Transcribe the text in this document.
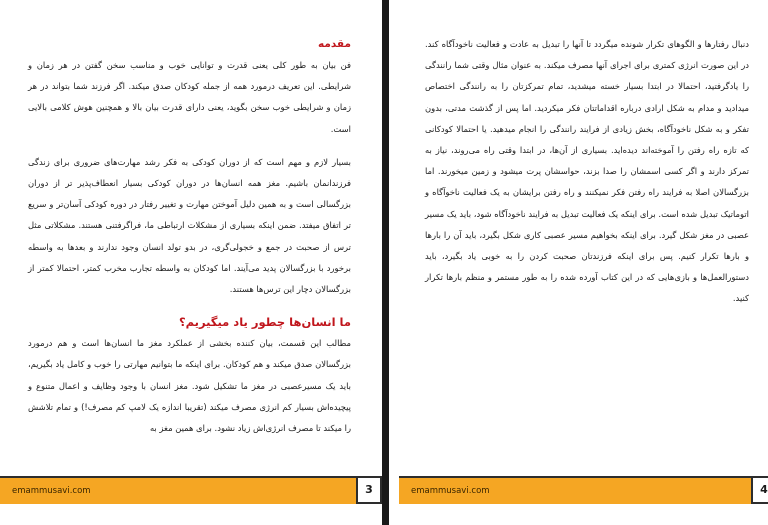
مقدمه

فن بیان به طور کلی یعنی قدرت و توانایی خوب و مناسب سخن گفتن در هر زمان و شرایطی. این تعریف درمورد همه از جمله کودکان صدق میکند. اگر فرزند شما بتواند در هر زمان و شرایطی خوب سخن بگوید، یعنی دارای قدرت بیان بالا و همچنین هوش کلامی بالایی است.

بسیار لازم و مهم است که از دوران کودکی به فکر رشد مهارت‌های ضروری برای زندگی فرزندانمان باشیم. مغز همه انسان‌ها در دوران کودکی بسیار انعطاف‌پذیر تر از دوران بزرگسالی است و به همین دلیل آموختن مهارت و تغییر رفتار در دوره کودکی آسان‌تر و سریع تر اتفاق میفتد. ضمن اینکه بسیاری از مشکلات ارتباطی ما، فراگرفتنی هستند. مشکلاتی مثل ترس از صحبت در جمع و خجولی‌گری، در بدو تولد انسان وجود ندارند و بعدها به واسطه برخورد با بزرگسالان پدید می‌آیند. اما کودکان به واسطه تجارب مخرب کمتر، احتمالا کمتر از بزرگسالان دچار این ترس‌ها هستند.

ما انسان‌ها چطور یاد میگیریم؟

مطالب این قسمت، بیان کننده بخشی از عملکرد مغز ما انسان‌ها است و هم درمورد بزرگسالان صدق میکند و هم کودکان. برای اینکه ما بتوانیم مهارتی را خوب و کامل یاد بگیریم، باید یک مسیرعصبی در مغز ما تشکیل شود. مغز انسان با وجود وظایف و اعمال متنوع و پیچیده‌اش بسیار کم انرژی مصرف میکند (تقریبا اندازه یک لامپ کم مصرف!) و تمام تلاشش را میکند تا مصرف انرژی‌اش زیاد نشود. برای همین مغز به

emammusavi.com	3

دنبال رفتارها و الگوهای تکرار شونده میگردد تا آنها را تبدیل به عادت و فعالیت ناخودآگاه کند. در این صورت انرژی کمتری برای اجرای آنها مصرف میکند. به عنوان مثال وقتی شما رانندگی را یادگرفتید، احتمالا در ابتدا بسیار خسته میشدید، تمام تمرکزتان را به رانندگی اختصاص میدادید و مدام به شکل ارادی درباره اقداماتتان فکر میکردید. اما پس از گذشت مدتی، بدون تفکر و به شکل ناخودآگاه، بخش زیادی از فرایند رانندگی را انجام میدهید. یا احتمالا کودکانی که تازه راه رفتن را آموخته‌اند دیده‌اید. بسیاری از آن‌ها، در ابتدا وقتی راه می‌روند، نیاز به تمرکز دارند و اگر کسی اسمشان را صدا بزند، حواسشان پرت میشود و زمین میخورند. اما بزرگسالان اصلا به فرایند راه رفتن فکر نمیکنند و راه رفتن برایشان به یک فعالیت ناخوآگاه و اتوماتیک تبدیل شده است. برای اینکه یک فعالیت تبدیل به فرایند ناخودآگاه شود، باید یک مسیر عصبی در مغز شکل گیرد. برای اینکه بخواهیم مسیر عصبی کاری شکل بگیرد، باید آن را بارها و بارها تکرار کنیم. پس برای اینکه فرزندتان صحبت کردن را به خوبی یاد بگیرد، باید دستورالعمل‌ها و بازی‌هایی که در این کتاب آورده شده را به طور مستمر و منظم بارها تکرار کنید.

emammusavi.com	4
